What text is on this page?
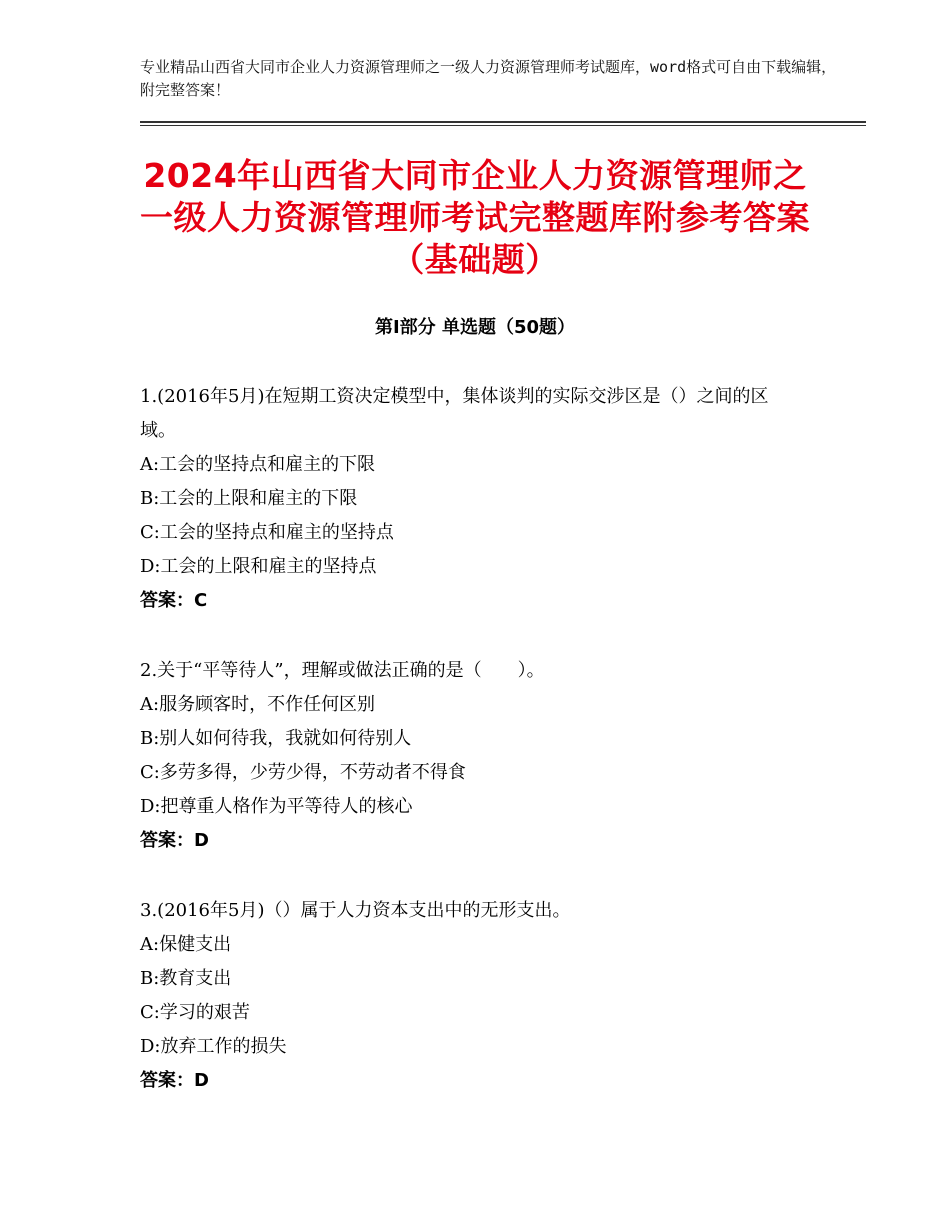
专业精品山西省大同市企业人力资源管理师之一级人力资源管理师考试题库，word格式可自由下载编辑，附完整答案！
2024年山西省大同市企业人力资源管理师之一级人力资源管理师考试完整题库附参考答案（基础题）
第Ⅰ部分 单选题（50题）
1.(2016年5月)在短期工资决定模型中，集体谈判的实际交涉区是（）之间的区域。
A:工会的坚持点和雇主的下限
B:工会的上限和雇主的下限
C:工会的坚持点和雇主的坚持点
D:工会的上限和雇主的坚持点
答案：C
2.关于“平等待人”，理解或做法正确的是（　　）。
A:服务顾客时，不作任何区别
B:别人如何待我，我就如何待别人
C:多劳多得，少劳少得，不劳动者不得食
D:把尊重人格作为平等待人的核心
答案：D
3.(2016年5月)（）属于人力资本支出中的无形支出。
A:保健支出
B:教育支出
C:学习的艰苦
D:放弃工作的损失
答案：D
